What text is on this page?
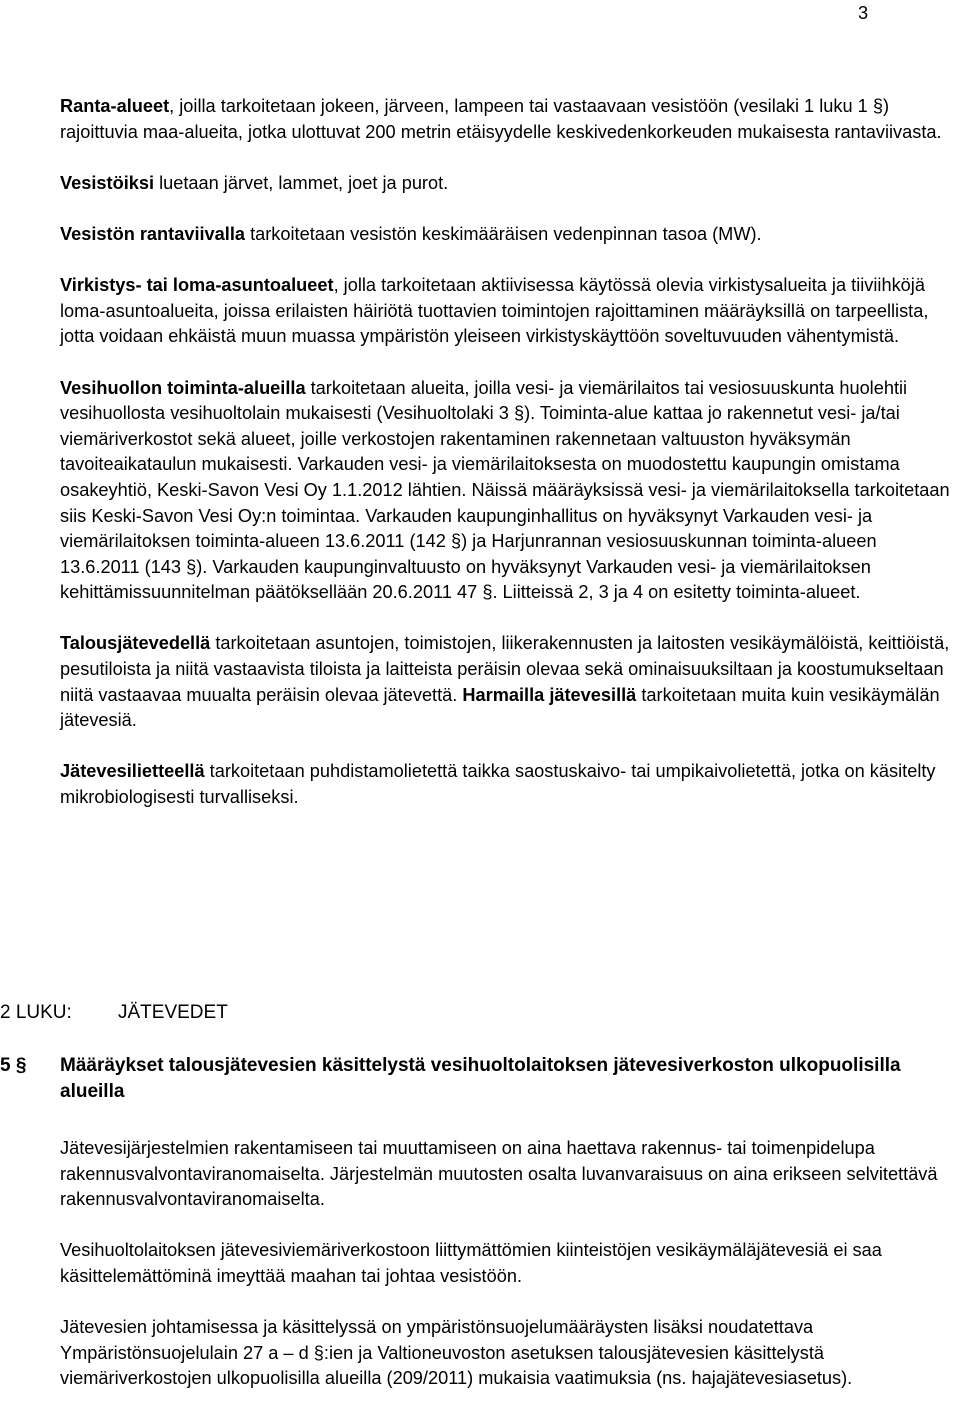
3

Ranta-alueet, joilla tarkoitetaan jokeen, järveen, lampeen tai vastaavaan vesistöön (vesilaki 1 luku 1 §) rajoittuvia maa-alueita, jotka ulottuvat 200 metrin etäisyydelle keskivedenkorkeuden mukaisesta rantaviivasta.

Vesistöiksi luetaan järvet, lammet, joet ja purot.

Vesistön rantaviivalla tarkoitetaan vesistön keskimääräisen vedenpinnan tasoa (MW).

Virkistys- tai loma-asuntoalueet, jolla tarkoitetaan aktiivisessa käytössä olevia virkistysalueita ja tiiviihköjä loma-asuntoalueita, joissa erilaisten häiriötä tuottavien toimintojen rajoittaminen määräyksillä on tarpeellista, jotta voidaan ehkäistä muun muassa ympäristön yleiseen virkistyskäyttöön soveltuvuuden vähentymistä.

Vesihuollon toiminta-alueilla tarkoitetaan alueita, joilla vesi- ja viemärilaitos tai vesiosuuskunta huolehtii vesihuollosta vesihuoltolain mukaisesti (Vesihuoltolaki 3 §). Toiminta-alue kattaa jo rakennetut vesi- ja/tai viemäriverkostot sekä alueet, joille verkostojen rakentaminen rakennetaan valtuuston hyväksymän tavoiteaikataulun mukaisesti. Varkauden vesi- ja viemärilaitoksesta on muodostettu kaupungin omistama osakeyhtiö, Keski-Savon Vesi Oy 1.1.2012 lähtien. Näissä määräyksissä vesi- ja viemärilaitoksella tarkoitetaan siis Keski-Savon Vesi Oy:n toimintaa. Varkauden kaupunginhallitus on hyväksynyt Varkauden vesi- ja viemärilaitoksen toiminta-alueen 13.6.2011 (142 §) ja Harjunrannan vesiosuuskunnan toiminta-alueen 13.6.2011 (143 §). Varkauden kaupunginvaltuusto on hyväksynyt Varkauden vesi- ja viemärilaitoksen kehittämissuunnitelman päätöksellään 20.6.2011 47 §. Liitteissä 2, 3 ja 4 on esitetty toiminta-alueet.

Talousjätevedellä tarkoitetaan asuntojen, toimistojen, liikerakennusten ja laitosten vesikäymälöistä, keittiöistä, pesutiloista ja niitä vastaavista tiloista ja laitteista peräisin olevaa sekä ominaisuuksiltaan ja koostumukseltaan niitä vastaavaa muualta peräisin olevaa jätevettä. Harmailla jätevesillä tarkoitetaan muita kuin vesikäymälän jätevesiä.

Jätevesilietteellä tarkoitetaan puhdistamolietettä taikka saostuskaivo- tai umpikaivolietettä, jotka on käsitelty mikrobiologisesti turvalliseksi.

2 LUKU: JÄTEVEDET
5 § Määräykset talousjätevesien käsittelystä vesihuoltolaitoksen jätevesiverkoston ulkopuolisilla alueilla

Jätevesijärjestelmien rakentamiseen tai muuttamiseen on aina haettava rakennus- tai toimenpidelupa rakennusvalvontaviranomaiselta. Järjestelmän muutosten osalta luvanvaraisuus on aina erikseen selvitettävä rakennusvalvontaviranomaiselta.

Vesihuoltolaitoksen jätevesiviemäriverkostoon liittymättömien kiinteistöjen vesikäymäläjätevesiä ei saa käsittelemättöminä imeyttää maahan tai johtaa vesistöön.

Jätevesien johtamisessa ja käsittelyssä on ympäristönsuojelumääräysten lisäksi noudatettava Ympäristönsuojelulain 27 a – d §:ien ja Valtioneuvoston asetuksen talousjätevesien käsittelystä viemäriverkostojen ulkopuolisilla alueilla (209/2011) mukaisia vaatimuksia (ns. hajajätevesiasetus).
